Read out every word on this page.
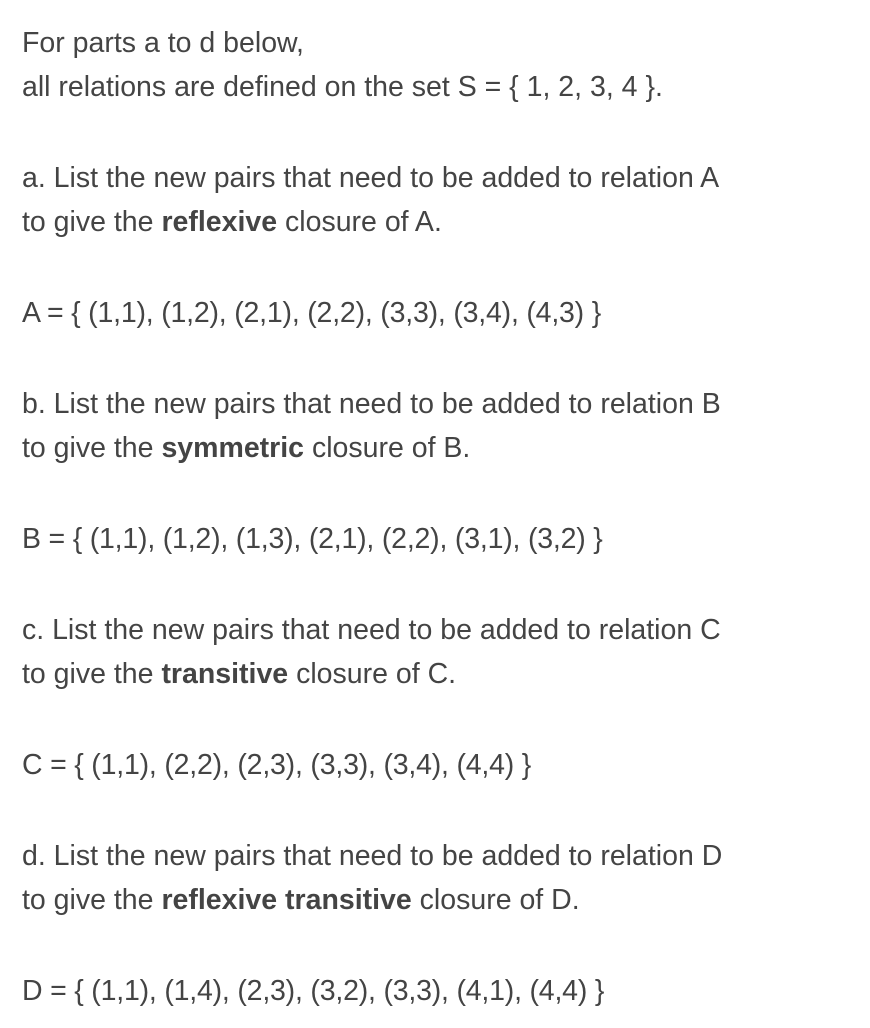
For parts a to d below,
all relations are defined on the set S = { 1, 2, 3, 4 }.

a. List the new pairs that need to be added to relation A
to give the reflexive closure of A.

A = { (1,1), (1,2), (2,1), (2,2), (3,3), (3,4), (4,3) }

b. List the new pairs that need to be added to relation B
to give the symmetric closure of B.

B = { (1,1), (1,2), (1,3), (2,1), (2,2), (3,1), (3,2) }

c. List the new pairs that need to be added to relation C
to give the transitive closure of C.

C = { (1,1), (2,2), (2,3), (3,3), (3,4), (4,4) }

d. List the new pairs that need to be added to relation D
to give the reflexive transitive closure of D.

D = { (1,1), (1,4), (2,3), (3,2), (3,3), (4,1), (4,4) }
